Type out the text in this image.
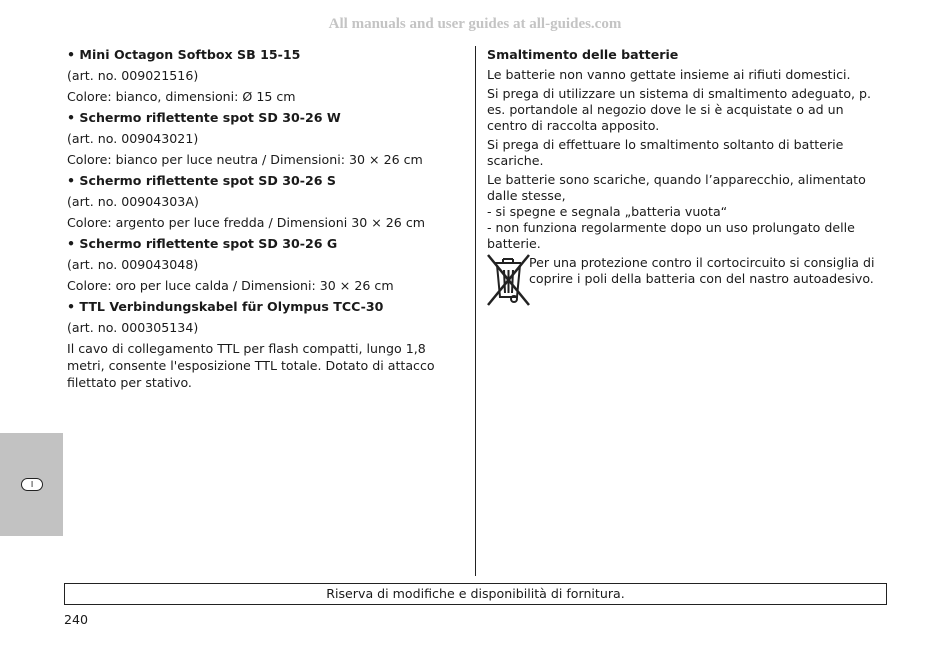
All manuals and user guides at all-guides.com

• Mini Octagon Softbox SB 15-15

(art. no. 009021516)

Colore: bianco, dimensioni: Ø 15 cm

• Schermo riflettente spot SD 30-26 W

(art. no. 009043021)

Colore: bianco per luce neutra / Dimensioni: 30 × 26 cm

• Schermo riflettente spot SD 30-26 S

(art. no. 00904303A)

Colore: argento per luce fredda / Dimensioni 30 × 26 cm

• Schermo riflettente spot SD 30-26 G

(art. no. 009043048)

Colore: oro per luce calda / Dimensioni: 30 × 26 cm

• TTL Verbindungskabel für Olympus TCC-30

(art. no. 000305134)

Il cavo di collegamento TTL per flash compatti, lungo 1,8 metri, consente l'esposizione TTL totale. Dotato di attacco filettato per stativo.

Smaltimento delle batterie

Le batterie non vanno gettate insieme ai rifiuti domestici.

Si prega di utilizzare un sistema di smaltimento adeguato, p. es. portandole al negozio dove le si è acquistate o ad un centro di raccolta apposito.

Si prega di effettuare lo smaltimento soltanto di batterie scariche.

Le batterie sono scariche, quando l’apparecchio, alimentato dalle stesse,

- si spegne e segnala „batteria vuota“

- non funziona regolarmente dopo un uso prolungato delle batterie.

Per una protezione contro il cortocircuito si consiglia di coprire i poli della batteria con del nastro autoadesivo.

I
Riserva di modifiche e disponibilità di fornitura.
240
